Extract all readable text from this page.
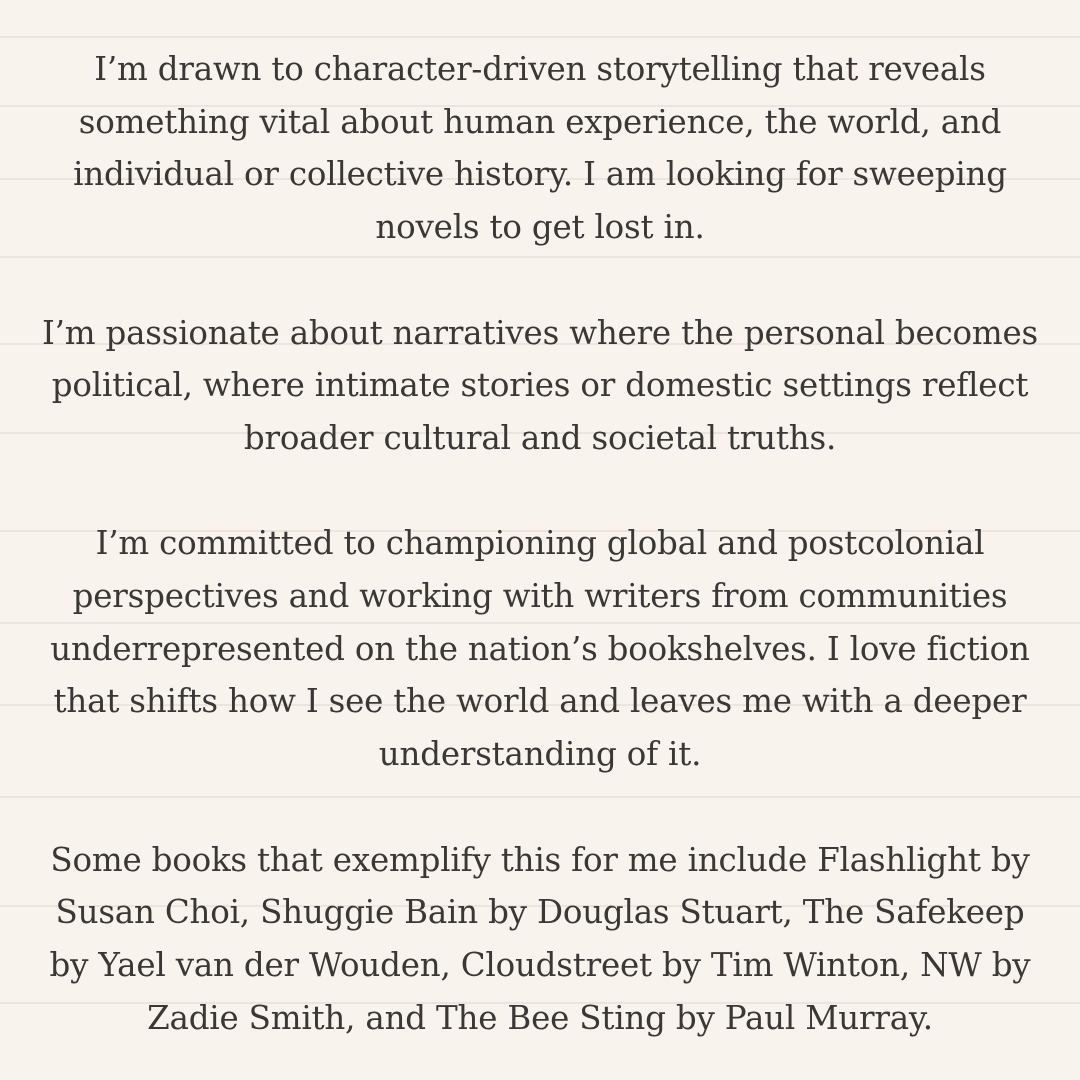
I’m drawn to character-driven storytelling that reveals something vital about human experience, the world, and individual or collective history. I am looking for sweeping novels to get lost in.

I’m passionate about narratives where the personal becomes political, where intimate stories or domestic settings reflect broader cultural and societal truths.

I’m committed to championing global and postcolonial perspectives and working with writers from communities underrepresented on the nation’s bookshelves. I love fiction that shifts how I see the world and leaves me with a deeper understanding of it.

Some books that exemplify this for me include Flashlight by Susan Choi, Shuggie Bain by Douglas Stuart, The Safekeep by Yael van der Wouden, Cloudstreet by Tim Winton, NW by Zadie Smith, and The Bee Sting by Paul Murray.
